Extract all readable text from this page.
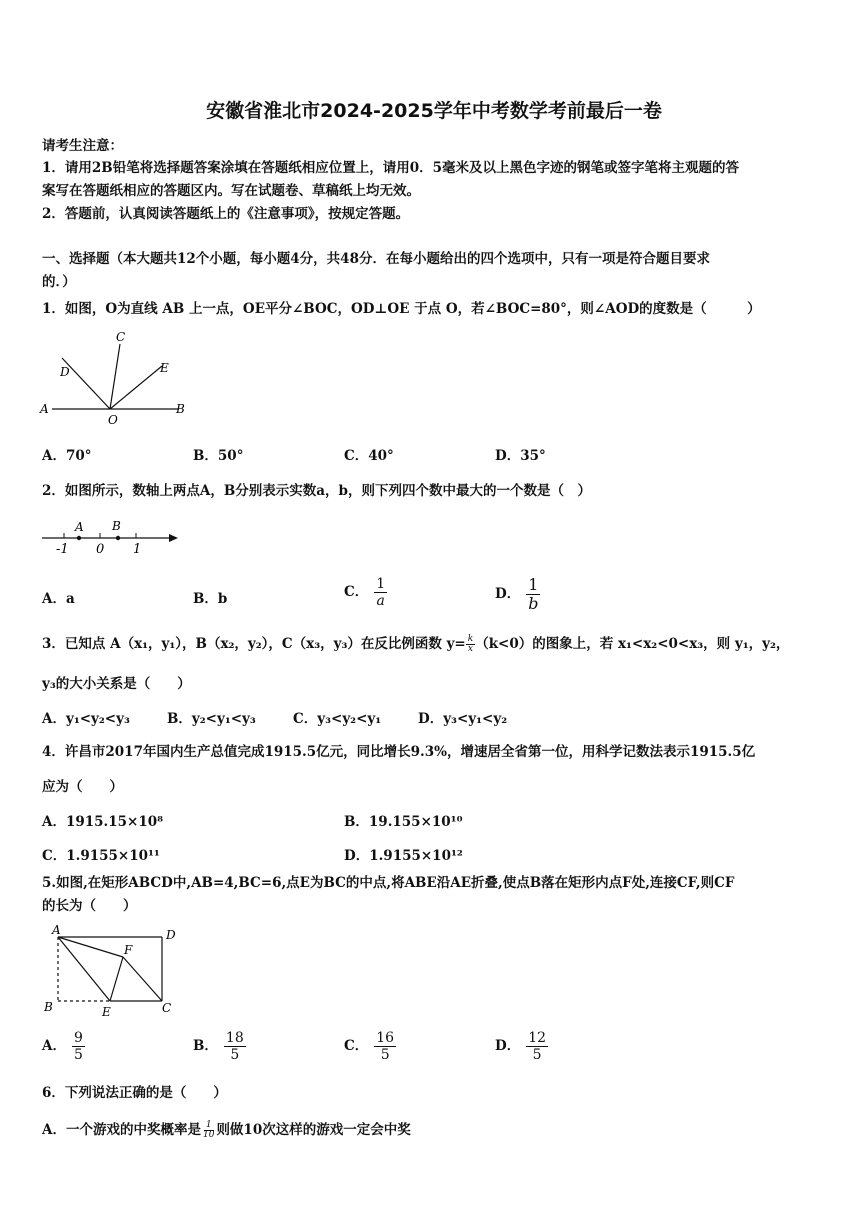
安徽省淮北市2024-2025学年中考数学考前最后一卷
请考生注意：
1．请用2B铅笔将选择题答案涂填在答题纸相应位置上，请用0．5毫米及以上黑色字迹的钢笔或签字笔将主观题的答
案写在答题纸相应的答题区内。写在试题卷、草稿纸上均无效。
2．答题前，认真阅读答题纸上的《注意事项》，按规定答题。
一、选择题（本大题共12个小题，每小题4分，共48分．在每小题给出的四个选项中，只有一项是符合题目要求
的．）
1．如图，O为直线 AB 上一点，OE平分∠BOC，OD⊥OE 于点 O，若∠BOC=80°，则∠AOD的度数是（　　　）
A	B
C
D	E
O
A．70°	B．50°	C．40°	D．35°
2．如图所示，数轴上两点A，B分别表示实数a，b，则下列四个数中最大的一个数是（　）
A B
-1 0 1
A．a	B．b	C． $\frac{1}{a}$	D． $\frac{1}{b}$
3．已知点 A（x₁，y₁），B（x₂，y₂），C（x₃，y₃）在反比例函数 $y= \frac{k}{x} (k<0)$的图象上，若 x₁<x₂<0<x₃，则 y₁，y₂，
y₃的大小关系是（　　）
A．y₁<y₂<y₃	B．y₂<y₁<y₃	C．y₃<y₂<y₁	D．y₃<y₁<y₂
4．许昌市2017年国内生产总值完成1915.5亿元，同比增长9.3%，增速居全省第一位，用科学记数法表示1915.5亿
应为（　　）
A．1915.15×10⁸	B．19.155×10¹⁰
C．1.9155×10¹¹	D．1.9155×10¹²
5.如图,在矩形ABCD中,AB=4,BC=6,点E为BC的中点,将ABE沿AE折叠,使点B落在矩形内点F处,连接CF,则CF
的长为（　　）
A	D
B	C
E
F
A． $\frac{9}{5}$	B． $\frac{18}{5}$	C． $\frac{16}{5}$	D． $\frac{12}{5}$
6．下列说法正确的是（　　）
A．一个游戏的中奖概率是 $\frac{1}{10}$ 则做10次这样的游戏一定会中奖
